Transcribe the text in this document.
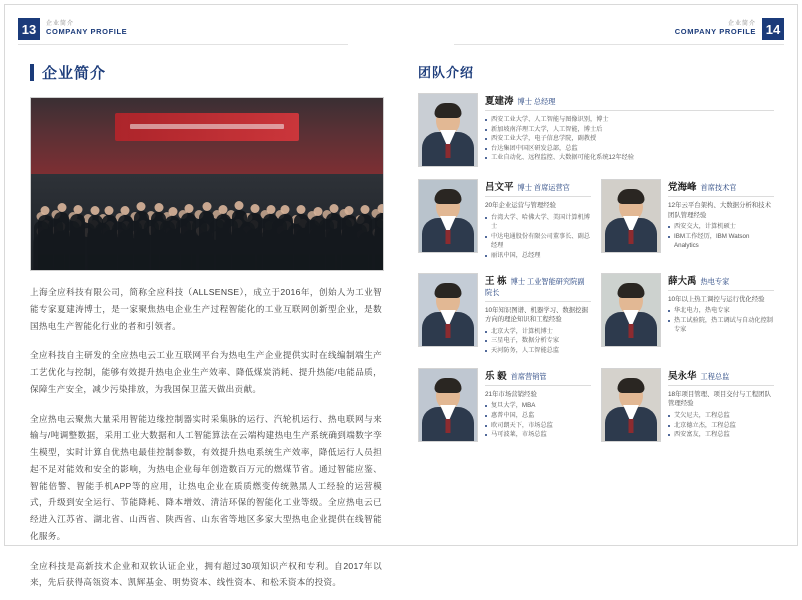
13	企业简介
COMPANY PROFILE	14
企业简介
COMPANY PROFILE
企业简介

上海全应科技有限公司，简称全应科技（ALLSENSE），成立于2016年，创始人为工业智能专家夏建涛博士，是一家聚焦热电企业生产过程智能化的工业互联网创新型企业，是数国热电生产智能化行业的者和引领者。

全应科技自主研发的全应热电云工业互联网平台为热电生产企业提供实时在线编制端生产工艺优化与控制，能够有效提升热电企业生产效率、降低煤炭消耗、提升热能/电能品质，保障生产安全，减少污染排放，为我国保卫蓝天做出贡献。

全应热电云聚焦大量采用智能边缘控制器实时采集脉的运行、汽轮机运行、热电联网与来输与/吨调整数据，采用工业大数据和人工智能算法在云端构建热电生产系统确到端数字孪生模型，实时计算自优热电最佳控制参数，有效提升热电系统生产效率，降低运行人员担起不足对能效和安全的影响，为热电企业每年创造数百万元的燃煤节省。通过智能应鉴、智能倍警、智能手机APP等的应用，让热电企业在质质燃变传统熟黑人工经验的运营模式，升级到安全运行、节能降耗、降本增效、清洁环保的智能化工业等级。全应热电云已经进入江苏省、湖北省、山西省、陕西省、山东省等地区多家大型热电企业提供在线智能化服务。

全应科技是高新技术企业和双软认证企业，拥有超过30项知识产权和专利。自2017年以来，先后获得高瓴资本、凯辉基金、明势资本、线性资本、和松禾资本的投资。

团队介绍
夏建涛 博士 总经理
西安工业大学、人工智能与图像识别，博士
新加坡南洋理工大学，人工智能，博士后
西安工业大学，电子信息学院，副教授
台达集团中国区研发总部，总监
工业自动化、远程监控、大数据可能化系统12年经验
吕文平 博士 首席运营官
20年企业运营与管理经验
台湾大学、哈佛大学、美国计算机博士
中达电通股份有限公司董事长、副总经理
丽讯中国，总经理
党海峰 首席技术官
12年云平台架构、大数据分析和技术团队管理经验
西安交大，计算机硕士
IBM工作经历，IBM Watson Analytics
王 栋 博士 工业智能研究院副院长
10年知识图谱、机器学习、数据挖掘方向的理论知识和工程经验
北京大学，计算机博士
三星电子，数据分析专家
天河防务，人工智能总监
薛大禹 热电专家
10年以上热工调控与运行优化经验
华北电力，热电专家
热工试验院，热工调试与自动化控制专家
乐 毅 首席营销管
21年市场营销经验
复旦大学，MBA
惠普中国，总监
欧司朗天下，市场总监
马可波莱，市场总监
吴永华 工程总监
18年项目管理、项目交付与工程团队管理经验
艾欠尼夫，工程总监
北京德立杰，工程总监
西安富友，工程总监
